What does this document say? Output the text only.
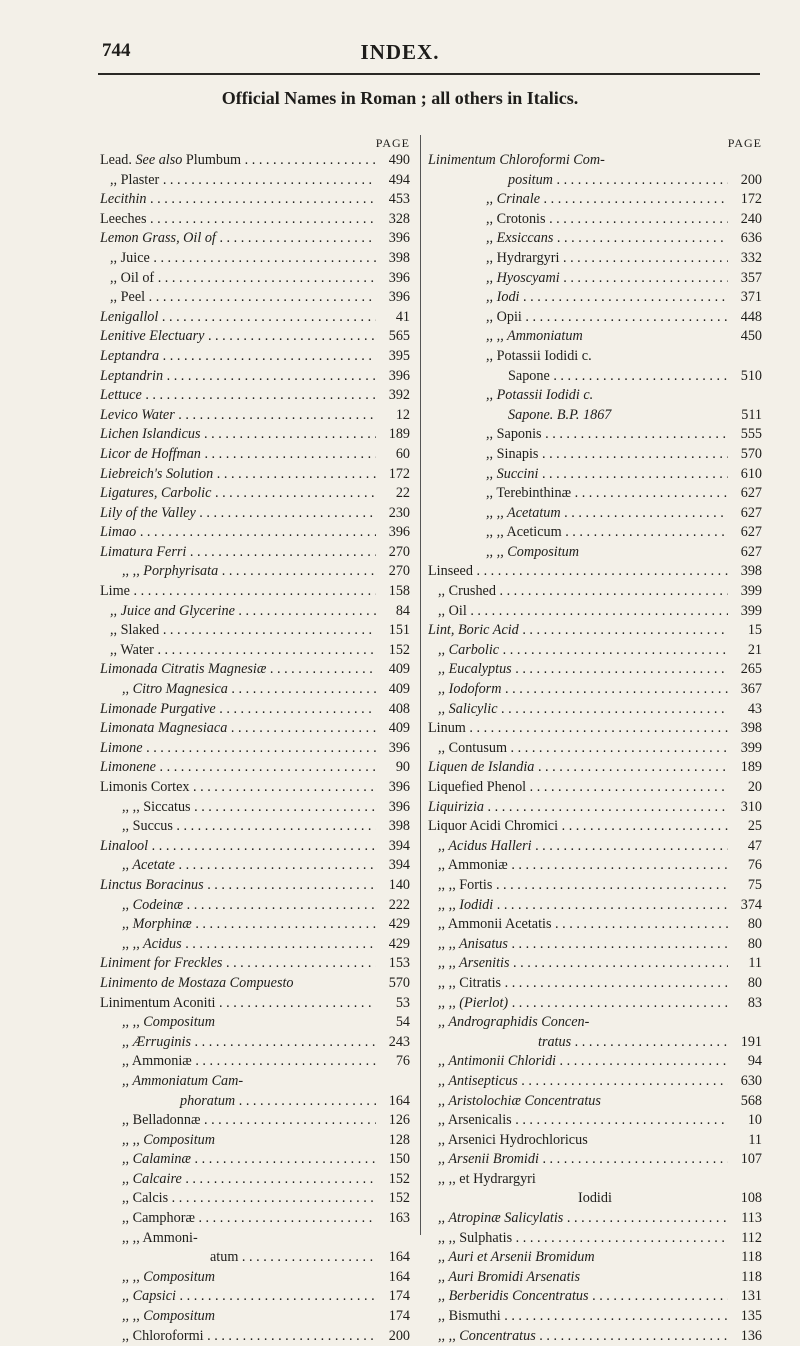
744	INDEX.
Official Names in Roman ; all others in Italics.
PAGE
Lead. See also Plumbum . . .	490
,, Plaster . . .	494
Lecithin . . .	453
Leeches . . .	328
Lemon Grass, Oil of . . .	396
,, Juice . . .	398
,, Oil of . . .	396
,, Peel . . .	396
Lenigallol . . .	41
Lenitive Electuary . . .	565
Leptandra . . .	395
Leptandrin . . .	396
Lettuce . . .	392
Levico Water . . .	12
Lichen Islandicus . . .	189
Licor de Hoffman . . .	60
Liebreich's Solution . . .	172
Ligatures, Carbolic . . .	22
Lily of the Valley . . .	230
Limao . . .	396
Limatura Ferri . . .	270
,, ,, Porphyrisata . . .	270
Lime . . .	158
,, Juice and Glycerine . . .	84
,, Slaked . . .	151
,, Water . . .	152
Limonada Citratis Magnesiæ . . .	409
,, Citro Magnesica . . .	409
Limonade Purgative . . .	408
Limonata Magnesiaca . . .	409
Limone . . .	396
Limonene . . .	90
Limonis Cortex . . .	396
,, ,, Siccatus . . .	396
,, Succus . . .	398
Linalool . . .	394
,, Acetate . . .	394
Linctus Boracinus . . .	140
,, Codeinæ . . .	222
,, Morphinæ . . .	429
,, ,, Acidus . . .	429
Liniment for Freckles . . .	153
Linimento de Mostaza Compuesto	570
Linimentum Aconiti . . .	53
,, ,, Compositum	54
,, Ærruginis . . .	243
,, Ammoniæ . . .	76
,, Ammoniatum Cam-
phoratum . . .	164
,, Belladonnæ . . .	126
,, ,, Compositum	128
,, Calaminæ . . .	150
,, Calcaire . . .	152
,, Calcis . . .	152
,, Camphoræ . . .	163
,, ,, Ammoni-
atum . . .	164
,, ,, Compositum	164
,, Capsici . . .	174
,, ,, Compositum	174
,, Chloroformi . . .	200
PAGE
Linimentum Chloroformi Com-
positum . . .	200
,, Crinale . . .	172
,, Crotonis . . .	240
,, Exsiccans . . .	636
,, Hydrargyri . . .	332
,, Hyoscyami . . .	357
,, Iodi . . .	371
,, Opii . . .	448
,, ,, Ammoniatum	450
,, Potassii Iodidi c.
Sapone . . .	510
,, Potassii Iodidi c.
Sapone. B.P. 1867	511
,, Saponis . . .	555
,, Sinapis . . .	570
,, Succini . . .	610
,, Terebinthinæ . . .	627
,, ,, Acetatum . . .	627
,, ,, Aceticum . . .	627
,, ,, Compositum	627
Linseed . . .	398
,, Crushed . . .	399
,, Oil . . .	399
Lint, Boric Acid . . .	15
,, Carbolic . . .	21
,, Eucalyptus . . .	265
,, Iodoform . . .	367
,, Salicylic . . .	43
Linum . . .	398
,, Contusum . . .	399
Liquen de Islandia . . .	189
Liquefied Phenol . . .	20
Liquirizia . . .	310
Liquor Acidi Chromici . . .	25
,, Acidus Halleri . . .	47
,, Ammoniæ . . .	76
,, ,, Fortis . . .	75
,, ,, Iodidi . . .	374
,, Ammonii Acetatis . . .	80
,, ,, Anisatus . . .	80
,, ,, Arsenitis . . .	11
,, ,, Citratis . . .	80
,, ,, (Pierlot) . . .	83
,, Andrographidis Concen-
tratus . . .	191
,, Antimonii Chloridi . . .	94
,, Antisepticus . . .	630
,, Aristolochiæ Concentratus	568
,, Arsenicalis . . .	10
,, Arsenici Hydrochloricus	11
,, Arsenii Bromidi . . .	107
,, ,, et Hydrargyri
Iodidi	108
,, Atropinæ Salicylatis . . .	113
,, ,, Sulphatis . . .	112
,, Auri et Arsenii Bromidum	118
,, Auri Bromidi Arsenatis	118
,, Berberidis Concentratus . . .	131
,, Bismuthi . . .	135
,, ,, Concentratus . . .	136
